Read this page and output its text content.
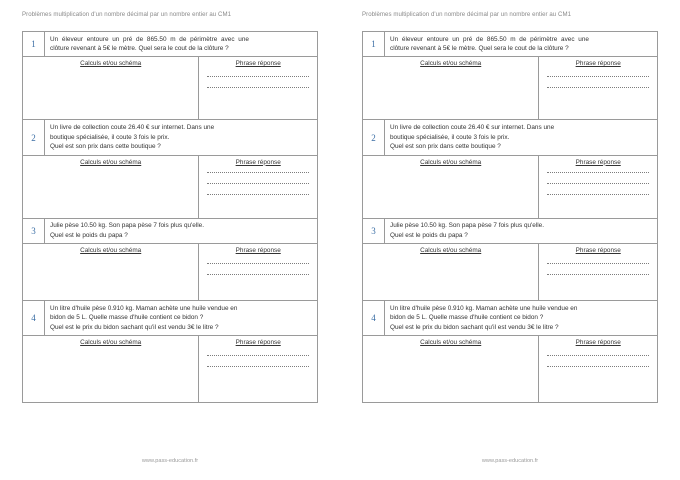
Problèmes multiplication d'un nombre décimal par un nombre entier au CM1
1
Un éleveur entoure un pré de 865.50 m de périmètre avec une
clôture revenant à 5€ le mètre. Quel sera le cout de la clôture ?
Calculs et/ou schéma	Phrase réponse
2
Un livre de collection coute 26.40 € sur internet. Dans une
boutique spécialisée, il coute 3 fois le prix.
Quel est son prix dans cette boutique ?
Calculs et/ou schéma	Phrase réponse
3
Julie pèse 10.50 kg. Son papa pèse 7 fois plus qu'elle.
Quel est le poids du papa ?
Calculs et/ou schéma	Phrase réponse
4
Un litre d'huile pèse 0.910 kg. Maman achète une huile vendue en
bidon de 5 L. Quelle masse d'huile contient ce bidon ?
Quel est le prix du bidon sachant qu'il est vendu 3€ le litre ?
Calculs et/ou schéma	Phrase réponse
www.pass-education.fr
Problèmes multiplication d'un nombre décimal par un nombre entier au CM1
1
Un éleveur entoure un pré de 865.50 m de périmètre avec une
clôture revenant à 5€ le mètre. Quel sera le cout de la clôture ?
Calculs et/ou schéma	Phrase réponse
2
Un livre de collection coute 26.40 € sur internet. Dans une
boutique spécialisée, il coute 3 fois le prix.
Quel est son prix dans cette boutique ?
Calculs et/ou schéma	Phrase réponse
3
Julie pèse 10.50 kg. Son papa pèse 7 fois plus qu'elle.
Quel est le poids du papa ?
Calculs et/ou schéma	Phrase réponse
4
Un litre d'huile pèse 0.910 kg. Maman achète une huile vendue en
bidon de 5 L. Quelle masse d'huile contient ce bidon ?
Quel est le prix du bidon sachant qu'il est vendu 3€ le litre ?
Calculs et/ou schéma	Phrase réponse
www.pass-education.fr
